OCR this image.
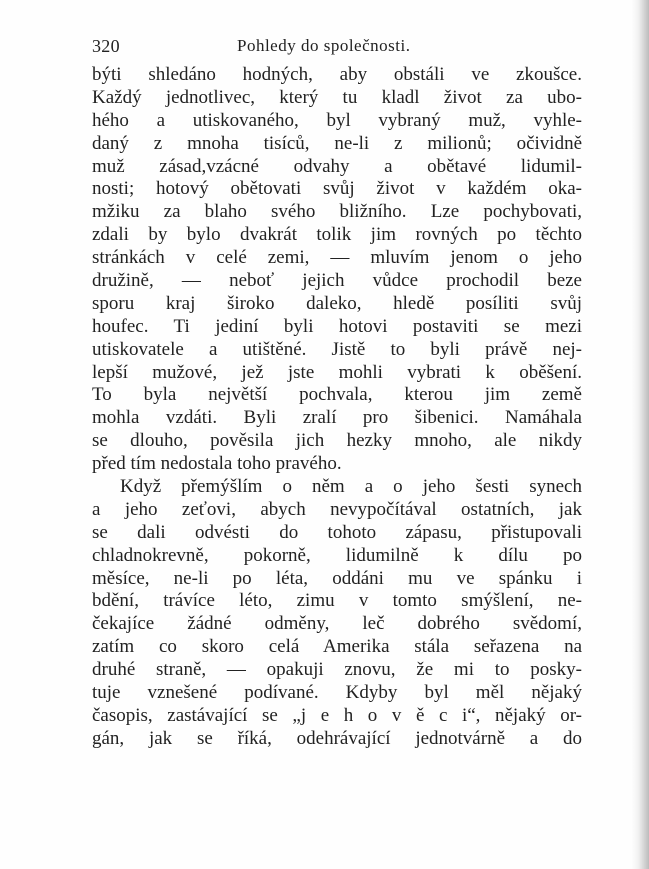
320	Pohledy do společnosti.
býti shledáno hodných, aby obstáli ve zkoušce.
Každý jednotlivec, který tu kladl život za ubo-
hého a utiskovaného, byl vybraný muž, vyhle-
daný z mnoha tisíců, ne-li z milionů; očividně
muž zásad,vzácné odvahy a obětavé lidumil-
nosti; hotový obětovati svůj život v každém oka-
mžiku za blaho svého bližního. Lze pochybovati,
zdali by bylo dvakrát tolik jim rovných po těchto
stránkách v celé zemi, — mluvím jenom o jeho
družině, — neboť jejich vůdce prochodil beze
sporu kraj široko daleko, hledě posíliti svůj
houfec. Ti jediní byli hotovi postaviti se mezi
utiskovatele a utištěné. Jistě to byli právě nej-
lepší mužové, jež jste mohli vybrati k oběšení.
To byla největší pochvala, kterou jim země
mohla vzdáti. Byli zralí pro šibenici. Namáhala
se dlouho, pověsila jich hezky mnoho, ale nikdy
před tím nedostala toho pravého.
Když přemýšlím o něm a o jeho šesti synech
a jeho zeťovi, abych nevypočítával ostatních, jak
se dali odvésti do tohoto zápasu, přistupovali
chladnokrevně, pokorně, lidumilně k dílu po
měsíce, ne-li po léta, oddáni mu ve spánku i
bdění, trávíce léto, zimu v tomto smýšlení, ne-
čekajíce žádné odměny, leč dobrého svědomí,
zatím co skoro celá Amerika stála seřazena na
druhé straně, — opakuji znovu, že mi to posky-
tuje vznešené podívané. Kdyby byl měl nějaký
časopis, zastávající se „j e h o v ě c i“, nějaký or-
gán, jak se říká, odehrávající jednotvárně a do
